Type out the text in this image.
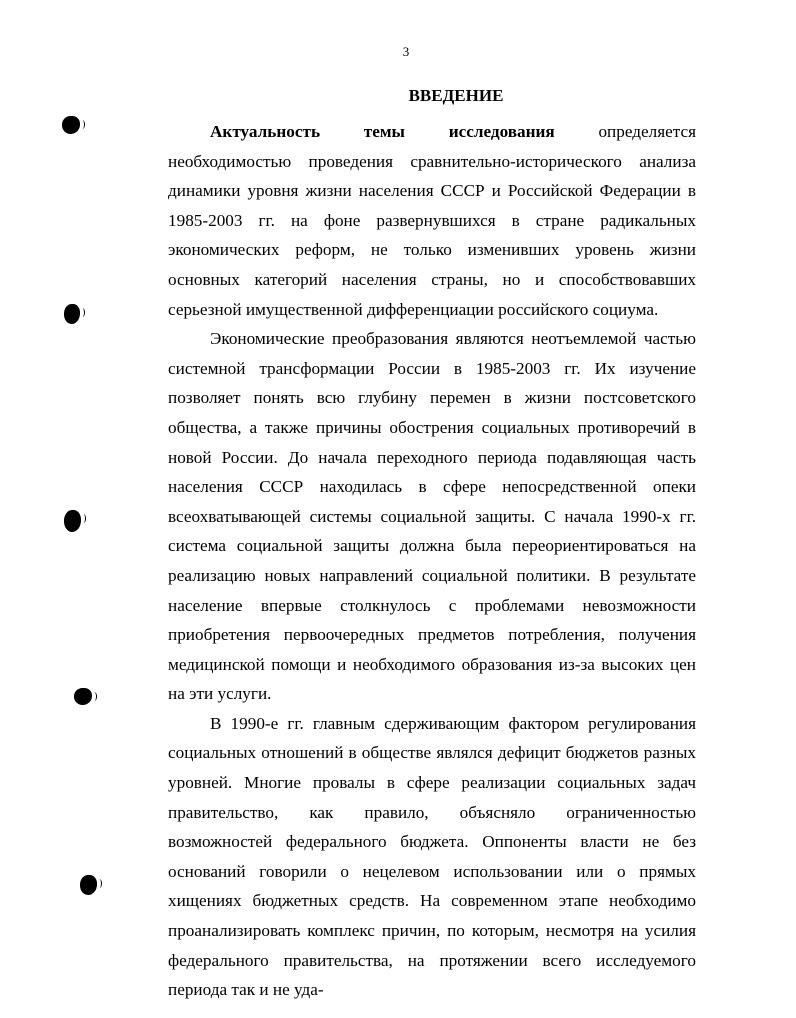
3
ВВЕДЕНИЕ

Актуальность темы исследования определяется необходимостью проведения сравнительно-исторического анализа динамики уровня жизни населения СССР и Российской Федерации в 1985-2003 гг. на фоне развернувшихся в стране радикальных экономических реформ, не только изменивших уровень жизни основных категорий населения страны, но и способствовавших серьезной имущественной дифференциации российского социума.

Экономические преобразования являются неотъемлемой частью системной трансформации России в 1985-2003 гг. Их изучение позволяет понять всю глубину перемен в жизни постсоветского общества, а также причины обострения социальных противоречий в новой России. До начала переходного периода подавляющая часть населения СССР находилась в сфере непосредственной опеки всеохватывающей системы социальной защиты. С начала 1990-х гг. система социальной защиты должна была переориентироваться на реализацию новых направлений социальной политики. В результате население впервые столкнулось с проблемами невозможности приобретения первоочередных предметов потребления, получения медицинской помощи и необходимого образования из-за высоких цен на эти услуги.

В 1990-е гг. главным сдерживающим фактором регулирования социальных отношений в обществе являлся дефицит бюджетов разных уровней. Многие провалы в сфере реализации социальных задач правительство, как правило, объясняло ограниченностью возможностей федерального бюджета. Оппоненты власти не без оснований говорили о нецелевом использовании или о прямых хищениях бюджетных средств. На современном этапе необходимо проанализировать комплекс причин, по которым, несмотря на усилия федерального правительства, на протяжении всего исследуемого периода так и не уда-
